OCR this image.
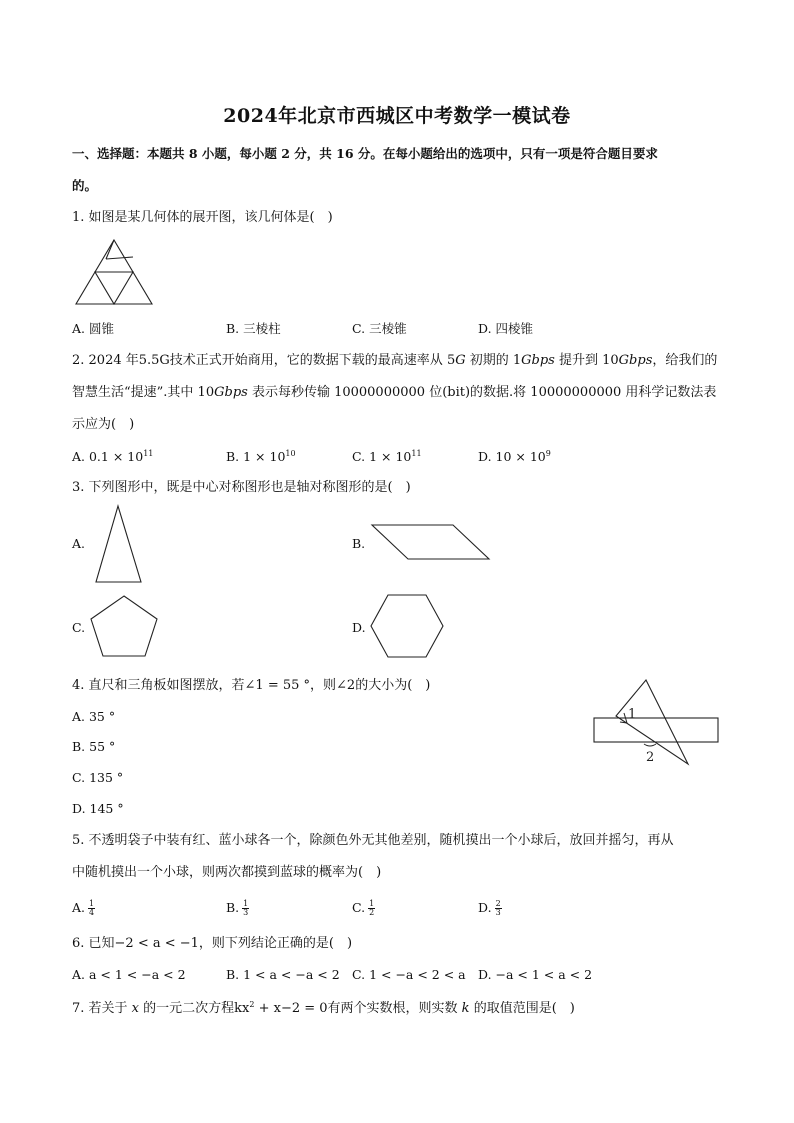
2024年北京市西城区中考数学一模试卷
一、选择题：本题共 8 小题，每小题 2 分，共 16 分。在每小题给出的选项中，只有一项是符合题目要求
的。
1. 如图是某几何体的展开图，该几何体是(　)
A. 圆锥	B. 三棱柱	C. 三棱锥	D. 四棱锥
2. 2024 年5.5G技术正式开始商用，它的数据下载的最高速率从 5G 初期的 1Gbps 提升到 10Gbps，给我们的
智慧生活“提速”.其中 10Gbps 表示每秒传输 10000000000 位(bit)的数据.将 10000000000 用科学记数法表
示应为(　)
A. $0.1 \times 10^{11}$	B. $1 \times 10^{10}$	C. $1 \times 10^{11}$	D. $10 \times 10^9$
3. 下列图形中，既是中心对称图形也是轴对称图形的是(　)
A.	B.
C.	D.
4. 直尺和三角板如图摆放，若∠1 = 55 °，则∠2的大小为(　)
A. 35 °
B. 55 °
C. 135 °
D. 145 °
1
2
5. 不透明袋子中装有红、蓝小球各一个，除颜色外无其他差别，随机摸出一个小球后，放回并摇匀，再从
中随机摸出一个小球，则两次都摸到蓝球的概率为(　)
A. $\frac{1}{4}$	B. $\frac{1}{3}$	C. $\frac{1}{2}$	D. $\frac{2}{3}$
6. 已知−2 < a < −1，则下列结论正确的是(　)
A. a < 1 < −a < 2	B. 1 < a < −a < 2 C. 1 < −a < 2 < a D. −a < 1 < a < 2
7. 若关于 x 的一元二次方程$kx^2 + x-2 = 0$有两个实数根，则实数 k 的取值范围是(　)
